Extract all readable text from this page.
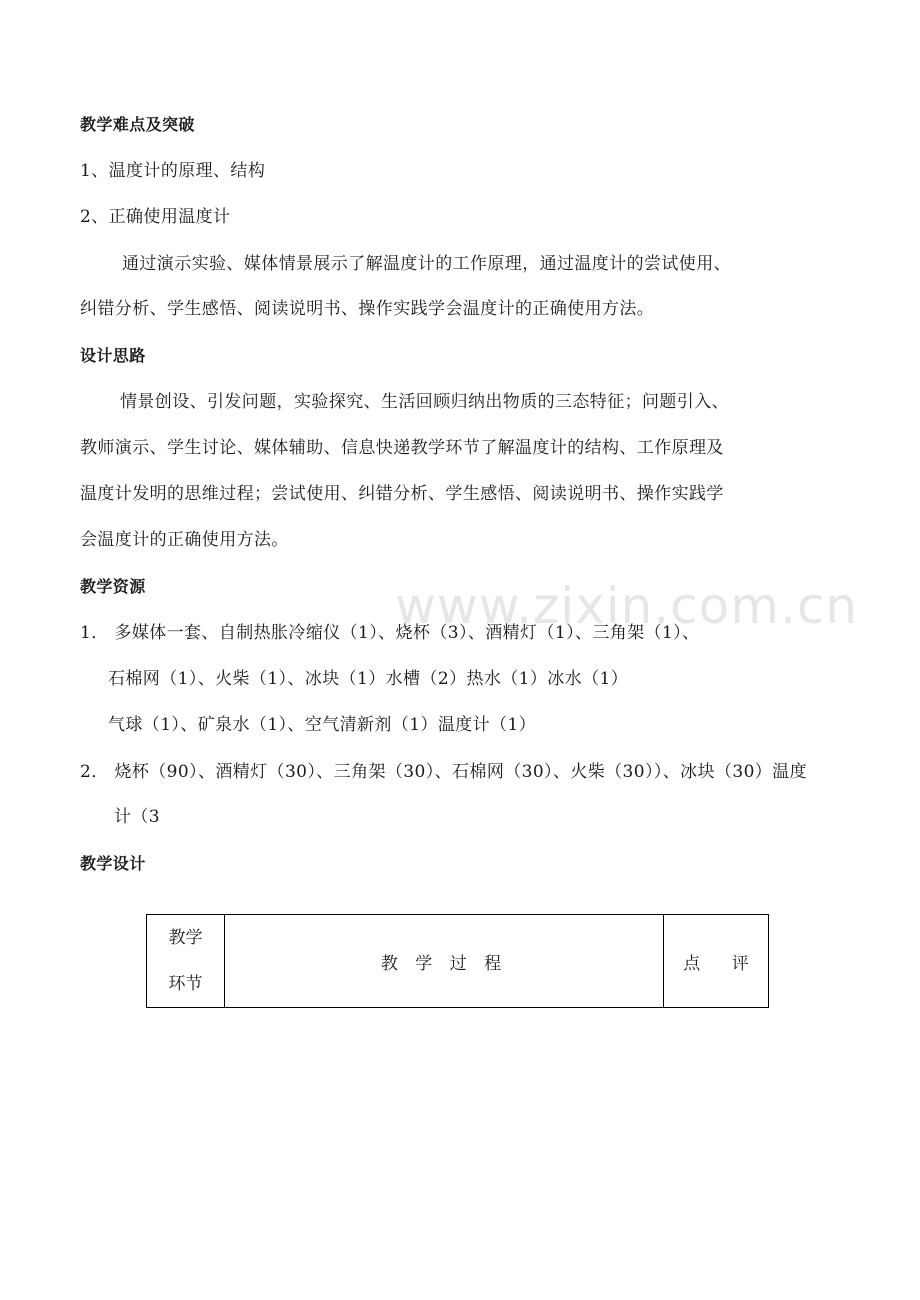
www.zixin.com.cn
教学难点及突破
1、温度计的原理、结构
2、正确使用温度计
通过演示实验、媒体情景展示了解温度计的工作原理，通过温度计的尝试使用、
纠错分析、学生感悟、阅读说明书、操作实践学会温度计的正确使用方法。
设计思路
情景创设、引发问题，实验探究、生活回顾归纳出物质的三态特征；问题引入、
教师演示、学生讨论、媒体辅助、信息快递教学环节了解温度计的结构、工作原理及
温度计发明的思维过程；尝试使用、纠错分析、学生感悟、阅读说明书、操作实践学
会温度计的正确使用方法。
教学资源
1． 多媒体一套、自制热胀冷缩仪（1）、烧杯（3）、酒精灯（1）、三角架（1）、
石棉网（1）、火柴（1）、冰块（1）水槽（2）热水（1）冰水（1）
气球（1）、矿泉水（1）、空气清新剂（1）温度计（1）
2． 烧杯（90）、酒精灯（30）、三角架（30）、石棉网（30）、火柴（30））、冰块（30）温度
计（3
教学设计
教学
环节
	教 学 过 程	点 评
